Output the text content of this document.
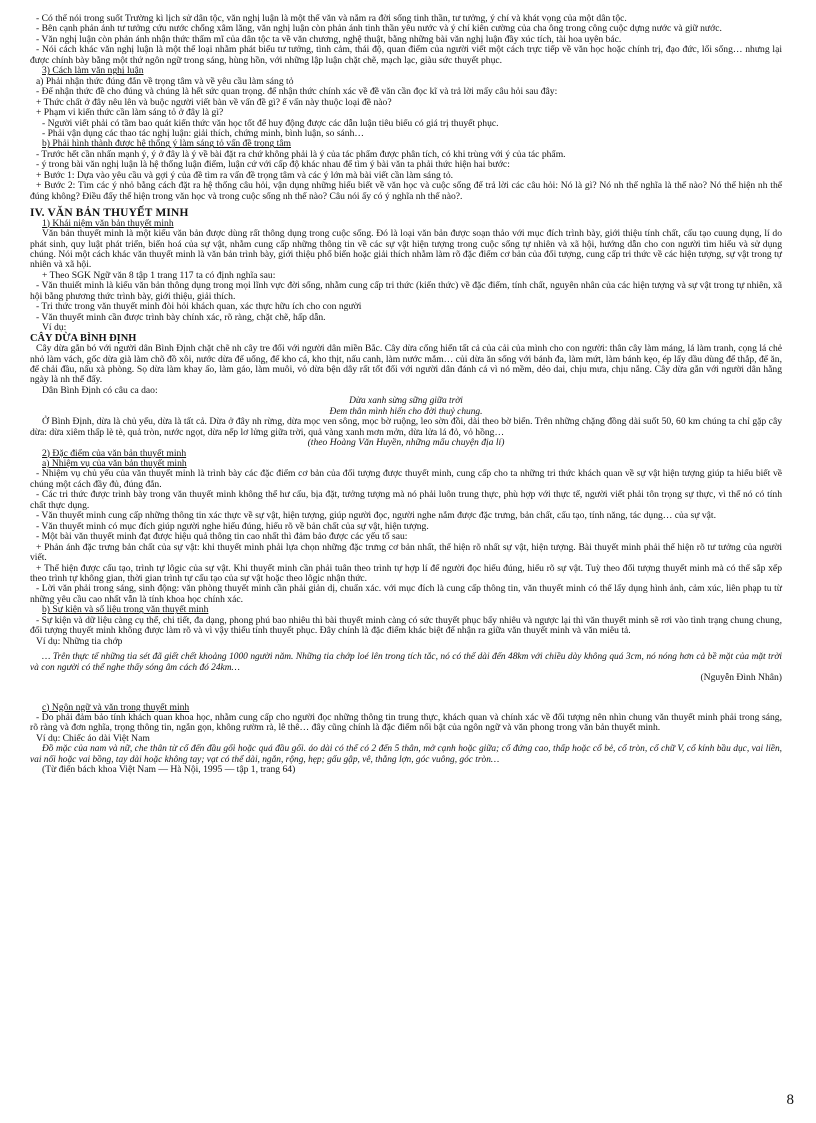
- Có thể nói trong suốt Trường kì lịch sử dân tộc, văn nghị luận là một thể văn và nắm ra đời sống tinh thần, tư tưởng, ý chí và khát vọng của một dân tộc.

- Bên cạnh phản ánh tư tưởng cứu nước chống xâm lăng, văn nghị luận còn phản ánh tinh thần yêu nước và ý chí kiên cường của cha ông trong công cuộc dựng nước và giữ nước.

- Văn nghị luận còn phản ánh nhận thức thẩm mĩ của dân tộc ta về văn chương, nghệ thuật, bằng những bài văn nghị luận đầy xúc tích, tài hoa uyên bác.

- Nói cách khác văn nghị luận là một thể loại nhằm phát biểu tư tưởng, tình cảm, thái độ, quan điểm của người viết một cách trực tiếp về văn học hoặc chính trị, đạo đức, lối sống… nhưng lại được chính bày bằng một thứ ngôn ngữ trong sáng, hùng hồn, với những lập luận chặt chẽ, mạch lạc, giàu sức thuyết phục.

3) Cách làm văn nghị luận

a) Phải nhận thức đúng đắn về trọng tâm và về yêu cầu làm sáng tỏ

- Để nhận thức đề cho đúng và chúng là hết sức quan trọng. để nhận thức chính xác về đề văn cần đọc kĩ và trả lời mấy câu hỏi sau đây:

+ Thức chất ở đây nêu lên và buộc người viết bàn về vấn đề gì? ể vấn này thuộc loại đề nào?

+ Phạm vi kiến thức cần làm sáng tỏ ở đây là gì?

- Người viết phải có tầm bao quát kiến thức văn học tốt để huy động được các dẫn luận tiêu biểu có giá trị thuyết phục.

- Phải vận dụng các thao tác nghị luận: giải thích, chứng minh, bình luận, so sánh…

b) Phải hình thành được hệ thống ý làm sáng tỏ vấn đề trọng tâm

- Trước hết cần nhấn mạnh ý, ý ở đây là ý về bài đặt ra chứ không phải là ý của tác phẩm được phân tích, có khi trùng với ý của tác phẩm.

- ý trong bài văn nghị luận là hệ thống luận điểm, luận cứ với cấp độ khác nhau để tìm ý bài văn ta phải thức hiện hai bước:

+ Bước 1: Dựa vào yêu cầu và gợi ý của đề tìm ra vấn đề trọng tâm và các ý lớn mà bài viết cần làm sáng tỏ.

+ Bước 2: Tìm các ý nhỏ bằng cách đặt ra hệ thống câu hỏi, vận dụng những hiểu biết về văn học và cuộc sống để trả lời các câu hỏi: Nó là gì? Nó nh thế nghĩa là thế nào? Nó thể hiện nh thế đúng không? Điều đấy thể hiện trong văn học và trong cuộc sống nh thế nào? Câu nói ấy có ý nghĩa nh thế nào?.

IV. VĂN BẢN THUYẾT MINH

1) Khái niệm văn bản thuyết minh

Văn bản thuyết minh là một kiểu văn bản được dùng rất thông dụng trong cuộc sống. Đó là loại văn bản được soạn thảo với mục đích trình bày, giới thiệu tính chất, cấu tạo cuung dụng, lí do phát sinh, quy luật phát triển, biến hoá của sự vật, nhằm cung cấp những thông tin về các sự vật hiện tượng trong cuộc sống tự nhiên và xã hội, hướng dẫn cho con người tìm hiểu và sử dụng chúng. Nói một cách khác văn thuyết minh là văn bản trình bày, giới thiệu phổ biến hoặc giải thích nhằm làm rõ đặc điểm cơ bản của đối tượng, cung cấp tri thức về các hiện tượng, sự vật trong tự nhiên và xã hội.

+ Theo SGK Ngữ văn 8 tập 1 trang 117 ta có định nghĩa sau:

- Văn thuiết minh là kiểu văn bản thông dụng trong mọi lĩnh vực đời sống, nhằm cung cấp tri thức (kiến thức) về đặc điểm, tính chất, nguyên nhân của các hiện tượng và sự vật trong tự nhiên, xã hội bằng phương thức trình bày, giới thiệu, giải thích.

- Tri thức trong văn thuyết minh đòi hỏi khách quan, xác thực hữu ích cho con người

- Văn thuyết minh cần được trình bày chính xác, rõ ràng, chặt chẽ, hấp dẫn.

Ví dụ:

CÂY DỪA BÌNH ĐỊNH

Cây dừa gắn bó với người dân Bình Định chặt chẽ nh cây tre đối với người dân miền Bắc. Cây dừa cống hiến tất cả của cải của mình cho con người: thân cây làm máng, lá làm tranh, cọng lá chẻ nhỏ làm vách, gốc dừa già làm chõ đồ xôi, nước dừa để uống, để kho cá, kho thịt, nấu canh, làm nước mắm… củi dừa ăn sống với bánh đa, làm mứt, làm bánh kẹo, ép lấy dầu dùng để thắp, để ăn, để chải đầu, nấu xà phòng. Sọ dừa làm khay ấo, làm gáo, làm muôi, vỏ dừa bện dây rất tốt đối với người dân đánh cá vì nó mềm, dẻo dai, chịu mưa, chịu nắng. Cây dừa gắn với người dân hằng ngày là nh thế đấy.

Dân Bình Định có câu ca dao:

Dừa xanh sừng sững giữa trời

Đem thân mình hiến cho đời thuỷ chung.

Ở Bình Định, dừa là chủ yếu, dừa là tất cả. Dừa ở đây nh rừng, dừa mọc ven sông, mọc bờ ruộng, leo sờn đồi, dài theo bờ biển. Trên những chặng đồng dài suốt 50, 60 km chúng ta chỉ gặp cây dừa: dừa xiêm thấp lè tè, quả tròn, nước ngọt, dừa nếp lơ lửng giữa trời, quả vàng xanh mơn mởn, dừa lửa lá đỏ, vỏ hồng…

(theo Hoàng Văn Huyền, những mẩu chuyện địa lí)

2) Đặc điểm của văn bản thuyết minh

a) Nhiệm vụ của văn bản thuyết minh

- Nhiệm vụ chủ yếu của văn thuyết minh là trình bày các đặc điểm cơ bản của đối tượng được thuyết minh, cung cấp cho ta những tri thức khách quan về sự vật hiện tượng giúp ta hiểu biết về chúng một cách đầy đủ, đúng đắn.

- Các tri thức được trình bày trong văn thuyết minh không thể hư cấu, bịa đặt, tưởng tượng mà nó phải luôn trung thực, phù hợp với thực tế, người viết phải tôn trọng sự thực, vì thế nó có tính chất thực dụng.

- Văn thuyết minh cung cấp những thông tin xác thực về sự vật, hiện tượng, giúp người đọc, người nghe nắm được đặc trưng, bản chất, cấu tạo, tính năng, tác dụng… của sự vật.

- Văn thuyết minh có mục đích giúp người nghe hiểu đúng, hiểu rõ về bản chất của sự vật, hiện tượng.

- Một bài văn thuyết minh đạt được hiệu quả thông tin cao nhất thì đảm bảo được các yếu tố sau:

+ Phản ánh đặc trưng bản chất của sự vật: khi thuyết minh phải lựa chọn những đặc trưng cơ bản nhất, thể hiện rõ nhất sự vật, hiện tượng. Bài thuyết minh phải thể hiện rõ tư tưởng của người viết.

+ Thể hiện được cấu tạo, trình tự lôgic của sự vật. Khi thuyết minh cần phải tuân theo trình tự hợp lí để người đọc hiểu đúng, hiểu rõ sự vật. Tuỳ theo đối tượng thuyết minh mà có thể sắp xếp theo trình tự không gian, thời gian trình tự cấu tạo của sự vật hoặc theo lôgic nhận thức.

- Lời văn phải trong sáng, sinh động: văn phòng thuyết minh cần phải giản dị, chuẩn xác. với mục đích là cung cấp thông tin, văn thuyết minh có thể lấy dụng hình ảnh, cảm xúc, liên phạp tu từ những yêu cầu cao nhất vẫn là tính khoa học chính xác.

b) Sự kiện và số liệu trong văn thuyết minh

- Sự kiện và dữ liệu càng cụ thể, chi tiết, đa dạng, phong phú bao nhiêu thì bài thuyết minh càng có sức thuyết phục bấy nhiêu và ngược lại thì văn thuyết minh sẽ rơi vào tình trạng chung chung, đối tượng thuyết minh không được làm rõ và vì vậy thiếu tính thuyết phục. Đây chính là đặc điểm khác biệt để nhận ra giữa văn thuyết minh và văn miêu tả.

Ví dụ: Những tia chớp

… Trên thực tế những tia sét đã giết chết khoảng 1000 người năm. Những tia chớp loé lên trong tích tắc, nó có thể dài đến 48km với chiều dày không quá 3cm, nó nóng hơn cả bề mặt của mặt trời và con người có thể nghe thấy sóng âm cách đó 24km…

(Nguyễn Đình Nhân)

c) Ngôn ngữ và văn trong thuyết minh

- Do phải đảm bảo tính khách quan khoa học, nhằm cung cấp cho người đọc những thông tin trung thực, khách quan và chính xác về đối tượng nên nhìn chung văn thuyết minh phải trong sáng, rõ ràng và đơn nghĩa, trọng thông tin, ngắn gọn, không rườm rà, lê thê… đây cũng chính là đặc điểm nổi bật của ngôn ngữ và văn phong trong văn bản thuyết minh.

Ví dụ: Chiếc áo dài Việt Nam

Đồ mặc của nam và nữ, che thân từ cổ đến đầu gối hoặc quá đầu gối. áo dài có thể có 2 đến 5 thân, mở cạnh hoặc giữa; cổ đứng cao, thấp hoặc cổ bẻ, cổ tròn, cổ chữ V, cổ kính bầu dục, vai liền, vai nối hoặc vai bồng, tay dài hoặc không tay; vạt có thể dài, ngắn, rộng, hẹp; gấu gập, vê, thẳng lợn, góc vuông, góc tròn…

(Từ điển bách khoa Việt Nam — Hà Nội, 1995 — tập 1, trang 64)

8
